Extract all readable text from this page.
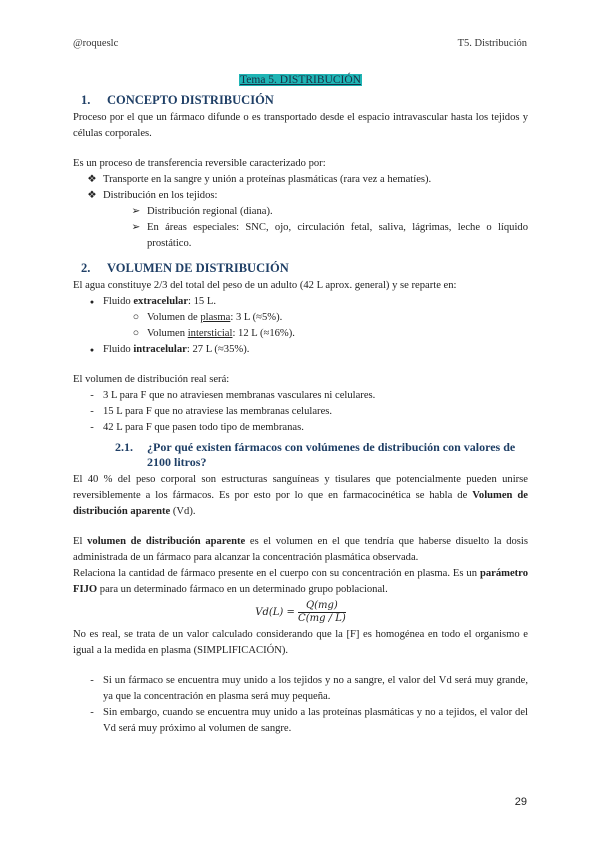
@roqueslc	T5. Distribución
Tema 5. DISTRIBUCIÓN
1.	CONCEPTO DISTRIBUCIÓN

Proceso por el que un fármaco difunde o es transportado desde el espacio intravascular hasta los tejidos y células corporales.

Es un proceso de transferencia reversible caracterizado por:

❖ Transporte en la sangre y unión a proteínas plasmáticas (rara vez a hematíes).
❖ Distribución en los tejidos:
➢ Distribución regional (diana).
➢ En áreas especiales: SNC, ojo, circulación fetal, saliva, lágrimas, leche o líquido prostático.
2.	VOLUMEN DE DISTRIBUCIÓN

El agua constituye 2/3 del total del peso de un adulto (42 L aprox. general) y se reparte en:

● Fluido extracelular: 15 L.
○ Volumen de plasma: 3 L (≈5%).
○ Volumen intersticial: 12 L (≈16%).
● Fluido intracelular: 27 L (≈35%).

El volumen de distribución real será:

- 3 L para F que no atraviesen membranas vasculares ni celulares.
- 15 L para F que no atraviese las membranas celulares.
- 42 L para F que pasen todo tipo de membranas.
2.1.	¿Por qué existen fármacos con volúmenes de distribución con valores de 2100 litros?

El 40 % del peso corporal son estructuras sanguíneas y tisulares que potencialmente pueden unirse reversiblemente a los fármacos. Es por esto por lo que en farmacocinética se habla de Volumen de distribución aparente (Vd).

El volumen de distribución aparente es el volumen en el que tendría que haberse disuelto la dosis administrada de un fármaco para alcanzar la concentración plasmática observada.

Relaciona la cantidad de fármaco presente en el cuerpo con su concentración en plasma. Es un parámetro FIJO para un determinado fármaco en un determinado grupo poblacional.

$Vd(L) = \frac{Q(mg)}{C(mg / L)}$

No es real, se trata de un valor calculado considerando que la [F] es homogénea en todo el organismo e igual a la medida en plasma (SIMPLIFICACIÓN).

- Si un fármaco se encuentra muy unido a los tejidos y no a sangre, el valor del Vd será muy grande, ya que la concentración en plasma será muy pequeña.
- Sin embargo, cuando se encuentra muy unido a las proteínas plasmáticas y no a tejidos, el valor del Vd será muy próximo al volumen de sangre.
29
